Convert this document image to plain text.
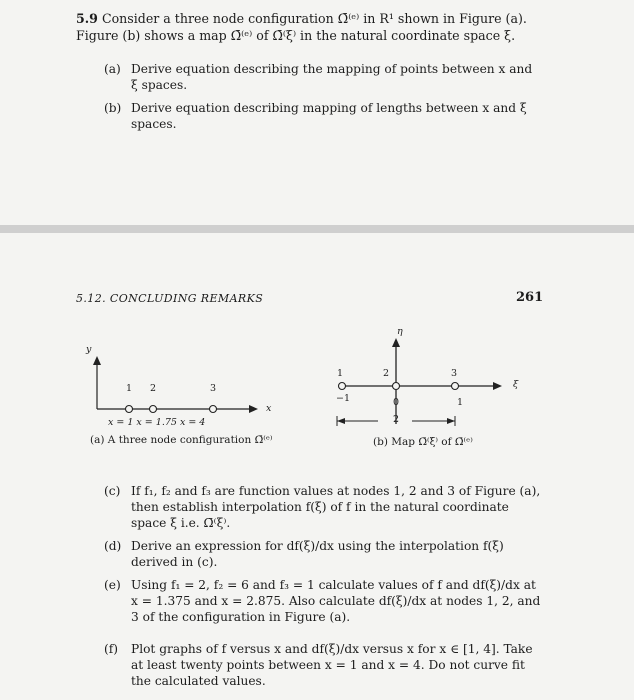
5.9 Consider a three node configuration Ω̄⁽ᵉ⁾ in R¹ shown in Figure (a). Figure (b) shows a map Ω̄⁽ᵉ⁾ of Ω̄⁽ξ⁾ in the natural coordinate space ξ.
(a) Derive equation describing the mapping of points between x and ξ spaces.
(b) Derive equation describing mapping of lengths between x and ξ spaces.
5.12. CONCLUDING REMARKS	261
y
x
1 2	3
x = 1 x = 1.75 x = 4
(a) A three node configuration Ω̄⁽ᵉ⁾
η
ξ
1	2	3
−1	0	1
2
(b) Map Ω̄⁽ξ⁾ of Ω̄⁽ᵉ⁾
(c) If f₁, f₂ and f₃ are function values at nodes 1, 2 and 3 of Figure (a), then establish interpolation f(ξ) of f in the natural coordinate space ξ i.e. Ω̄⁽ξ⁾.
(d) Derive an expression for df(ξ)/dx using the interpolation f(ξ) derived in (c).
(e) Using f₁ = 2, f₂ = 6 and f₃ = 1 calculate values of f and df(ξ)/dx at x = 1.375 and x = 2.875. Also calculate df(ξ)/dx at nodes 1, 2, and 3 of the configuration in Figure (a).
(f) Plot graphs of f versus x and df(ξ)/dx versus x for x ∈ [1, 4]. Take at least twenty points between x = 1 and x = 4. Do not curve fit the calculated values.
